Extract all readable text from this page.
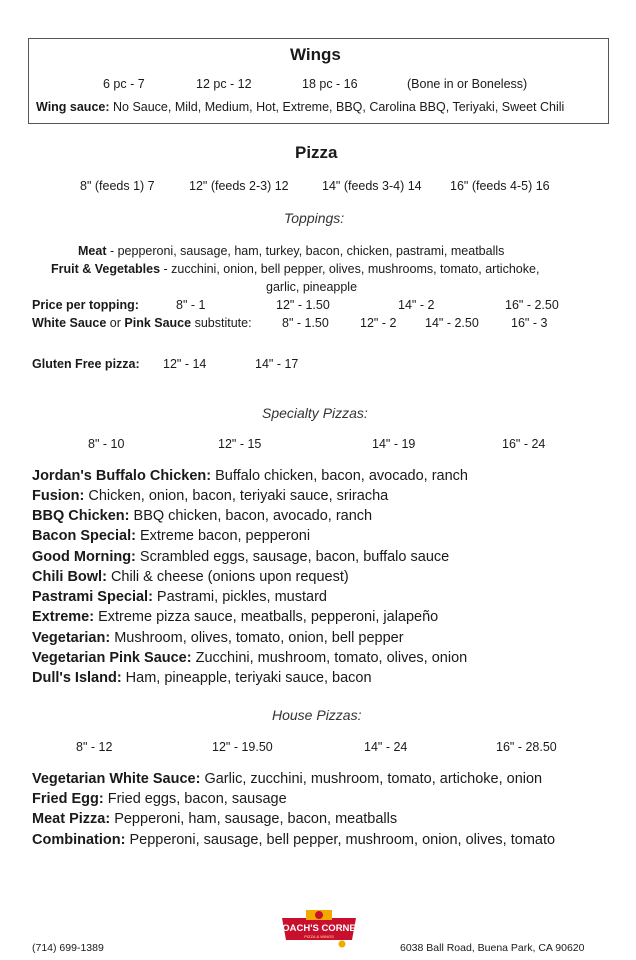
Wings
6 pc - 7	12 pc - 12	18 pc - 16	(Bone in or Boneless)
Wing sauce: No Sauce, Mild, Medium, Hot, Extreme, BBQ, Carolina BBQ, Teriyaki, Sweet Chili
Pizza
8" (feeds 1) 7	12" (feeds 2-3) 12	14" (feeds 3-4) 14 16" (feeds 4-5) 16
Toppings:
Meat - pepperoni, sausage, ham, turkey, bacon, chicken, pastrami, meatballs
Fruit & Vegetables - zucchini, onion, bell pepper, olives, mushrooms, tomato, artichoke,
garlic, pineapple
Price per topping:	8" - 1	12" - 1.50	14" - 2	16" - 2.50
White Sauce or Pink Sauce substitute: 8" - 1.50 12" - 2 14" - 2.50	16" - 3
Gluten Free pizza: 12" - 14	14" - 17
Specialty Pizzas:
8" - 10	12" - 15	14" - 19	16" - 24
Jordan's Buffalo Chicken: Buffalo chicken, bacon, avocado, ranch
Fusion: Chicken, onion, bacon, teriyaki sauce, sriracha
BBQ Chicken: BBQ chicken, bacon, avocado, ranch
Bacon Special: Extreme bacon, pepperoni
Good Morning: Scrambled eggs, sausage, bacon, buffalo sauce
Chili Bowl: Chili & cheese (onions upon request)
Pastrami Special: Pastrami, pickles, mustard
Extreme: Extreme pizza sauce, meatballs, pepperoni, jalapeño
Vegetarian: Mushroom, olives, tomato, onion, bell pepper
Vegetarian Pink Sauce: Zucchini, mushroom, tomato, olives, onion
Dull's Island: Ham, pineapple, teriyaki sauce, bacon
House Pizzas:
8" - 12	12" - 19.50	14" - 24	16" - 28.50
Vegetarian White Sauce: Garlic, zucchini, mushroom, tomato, artichoke, onion
Fried Egg: Fried eggs, bacon, sausage
Meat Pizza: Pepperoni, ham, sausage, bacon, meatballs
Combination: Pepperoni, sausage, bell pepper, mushroom, onion, olives, tomato
(714) 699-1389	6038 Ball Road, Buena Park, CA 90620
COACH'S CORNER
PIZZA & WINGS
